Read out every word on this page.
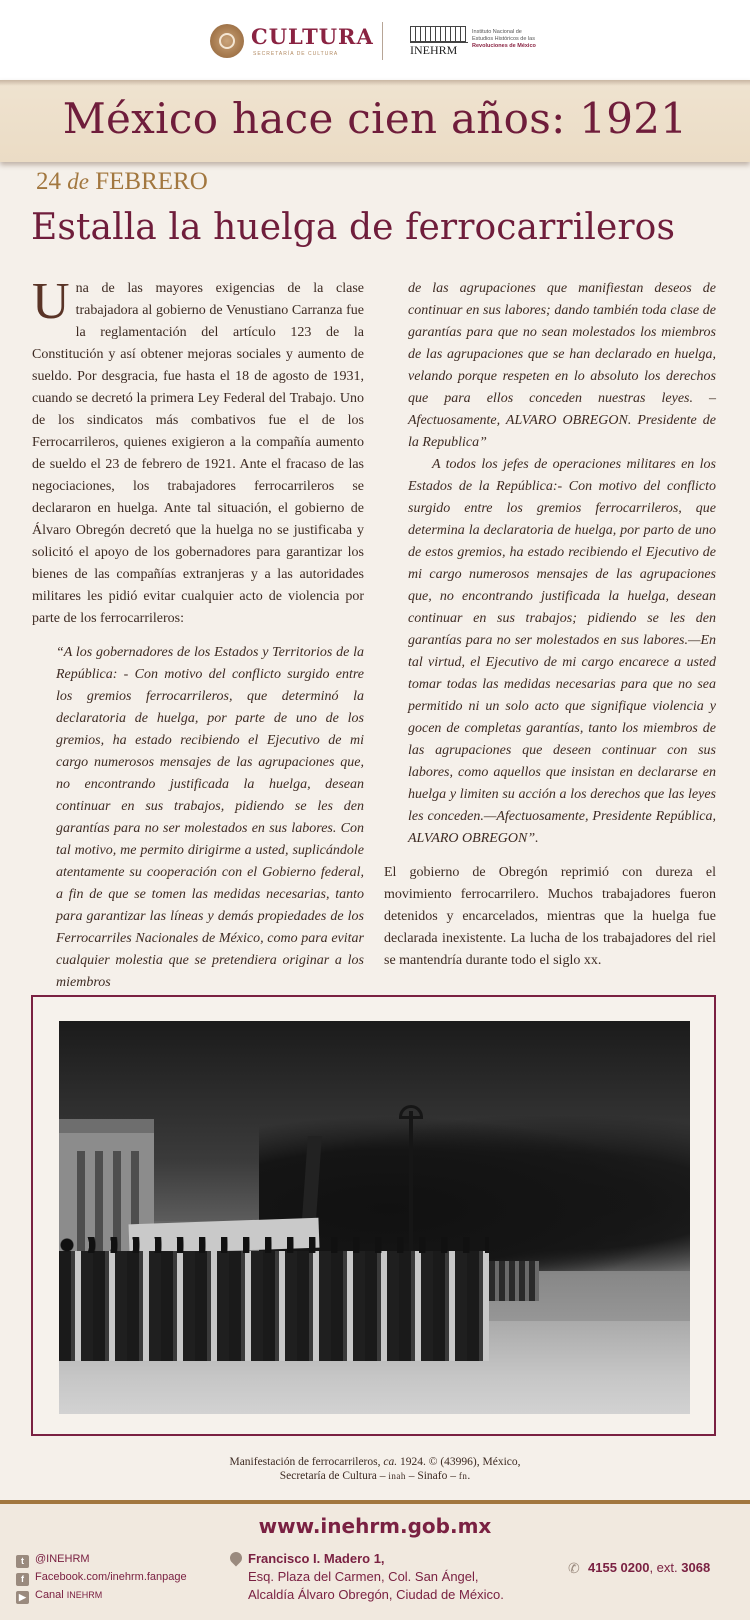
CULTURA
SECRETARÍA DE CULTURA	INEHRM
Instituto Nacional de
Estudios Históricos de las
Revoluciones de México
México hace cien años: 1921
24 de FEBRERO
Estalla la huelga de ferrocarrileros

Una de las mayores exigencias de la clase trabajadora al gobierno de Venustiano Carranza fue la reglamentación del artículo 123 de la Constitución y así obtener mejoras sociales y aumento de sueldo. Por desgracia, fue hasta el 18 de agosto de 1931, cuando se decretó la primera Ley Federal del Trabajo. Uno de los sindicatos más combativos fue el de los Ferrocarrileros, quienes exigieron a la compañía aumento de sueldo el 23 de febrero de 1921. Ante el fracaso de las negociaciones, los trabajadores ferrocarrileros se declararon en huelga. Ante tal situación, el gobierno de Álvaro Obregón decretó que la huelga no se justificaba y solicitó el apoyo de los gobernadores para garantizar los bienes de las compañías extranjeras y a las autoridades militares les pidió evitar cualquier acto de violencia por parte de los ferrocarrileros:

“A los gobernadores de los Estados y Territorios de la República: - Con motivo del conflicto surgido entre los gremios ferrocarrileros, que determinó la declaratoria de huelga, por parte de uno de los gremios, ha estado recibiendo el Ejecutivo de mi cargo numerosos mensajes de las agrupaciones que, no encontrando justificada la huelga, desean continuar en sus trabajos, pidiendo se les den garantías para no ser molestados en sus labores. Con tal motivo, me permito dirigirme a usted, suplicándole atentamente su cooperación con el Gobierno federal, a fin de que se tomen las medidas necesarias, tanto para garantizar las líneas y demás propiedades de los Ferrocarriles Nacionales de México, como para evitar cualquier molestia que se pretendiera originar a los miembros

de las agrupaciones que manifiestan deseos de continuar en sus labores; dando también toda clase de garantías para que no sean molestados los miembros de las agrupaciones que se han declarado en huelga, velando porque respeten en lo absoluto los derechos que para ellos conceden nuestras leyes. – Afectuosamente, ALVARO OBREGON. Presidente de la Republica”

A todos los jefes de operaciones militares en los Estados de la República:- Con motivo del conflicto surgido entre los gremios ferrocarrileros, que determina la declaratoria de huelga, por parto de uno de estos gremios, ha estado recibiendo el Ejecutivo de mi cargo numerosos mensajes de las agrupaciones que, no encontrando justificada la huelga, desean continuar en sus trabajos; pidiendo se les den garantías para no ser molestados en sus labores.—En tal virtud, el Ejecutivo de mi cargo encarece a usted tomar todas las medidas necesarias para que no sea permitido ni un solo acto que signifique violencia y gocen de completas garantías, tanto los miembros de las agrupaciones que deseen continuar con sus labores, como aquellos que insistan en declararse en huelga y limiten su acción a los derechos que las leyes les conceden.—Afectuosamente, Presidente República, ALVARO OBREGON”.

El gobierno de Obregón reprimió con dureza el movimiento ferrocarrilero. Muchos trabajadores fueron detenidos y encarcelados, mientras que la huelga fue declarada inexistente. La lucha de los trabajadores del riel se mantendría durante todo el siglo xx.

Manifestación de ferrocarrileros, ca. 1924. © (43996), México,
Secretaría de Cultura – inah – Sinafo – fn.
www.inehrm.gob.mx
t @INEHRM
f Facebook.com/inehrm.fanpage
▶ Canal INEHRM
Francisco I. Madero 1,
Esq. Plaza del Carmen, Col. San Ángel,
Alcaldía Álvaro Obregón, Ciudad de México.
✆ 4155 0200, ext. 3068
